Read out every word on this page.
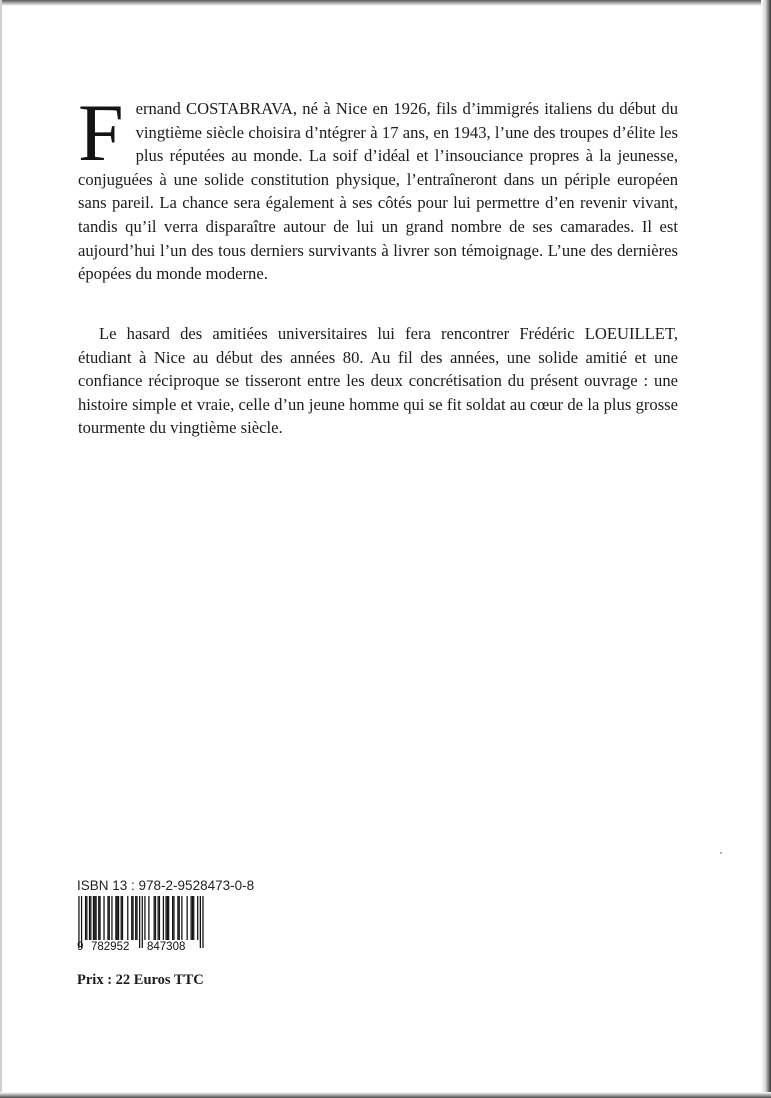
Fernand COSTABRAVA, né à Nice en 1926, fils d’immigrés italiens du début du vingtième siècle choisira d’ntégrer à 17 ans, en 1943, l’une des troupes d’élite les plus réputées au monde. La soif d’idéal et l’insouciance propres à la jeunesse, conjuguées à une solide constitution physique, l’entraîneront dans un périple européen sans pareil. La chance sera également à ses côtés pour lui permettre d’en revenir vivant, tandis qu’il verra disparaître autour de lui un grand nombre de ses camarades. Il est aujourd’hui l’un des tous derniers survivants à livrer son témoignage. L’une des dernières épopées du monde moderne.
Le hasard des amitiées universitaires lui fera rencontrer Frédéric LOEUILLET, étudiant à Nice au début des années 80. Au fil des années, une solide amitié et une confiance réciproque se tisseront entre les deux concrétisation du présent ouvrage : une histoire simple et vraie, celle d’un jeune homme qui se fit soldat au cœur de la plus grosse tourmente du vingtième siècle.
ISBN 13 : 978-2-9528473-0-8
9 782952 847308
Prix : 22 Euros TTC
